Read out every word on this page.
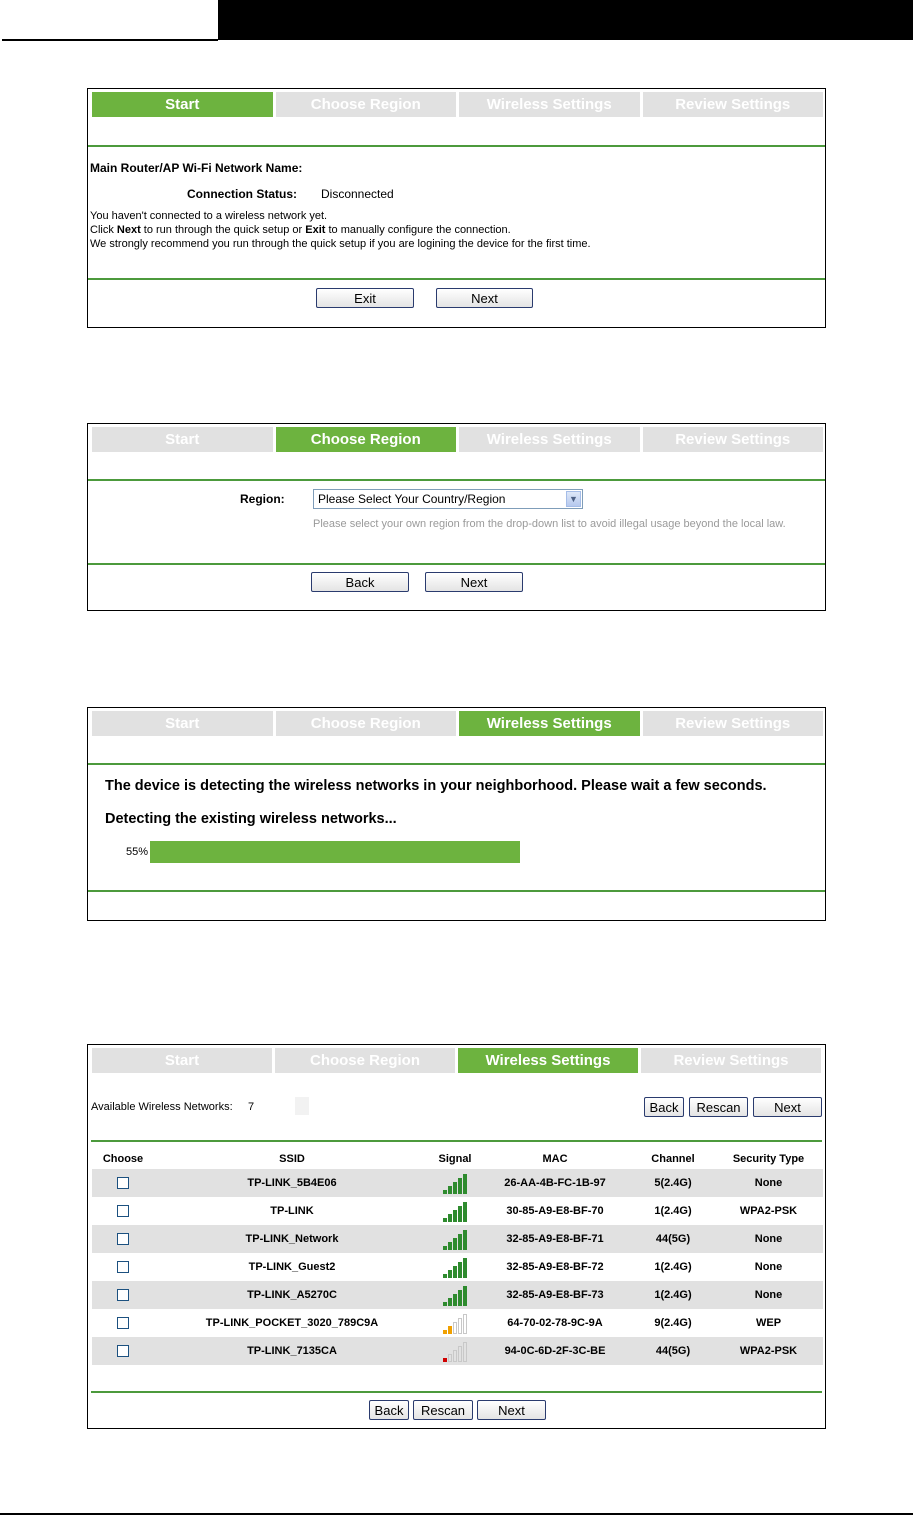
Start	Choose Region	Wireless Settings	Review Settings
Main Router/AP Wi-Fi Network Name:
Connection Status: Disconnected
You haven't connected to a wireless network yet.
Click Next to run through the quick setup or Exit to manually configure the connection.
We strongly recommend you run through the quick setup if you are logining the device for the first time.
Exit	Next
Start	Choose Region	Wireless Settings	Review Settings
Region:	Please Select Your Country/Region	▼
Please select your own region from the drop-down list to avoid illegal usage beyond the local law.
Back	Next
Start	Choose Region	Wireless Settings	Review Settings
The device is detecting the wireless networks in your neighborhood. Please wait a few seconds.
Detecting the existing wireless networks...
55%
Start	Choose Region	Wireless Settings	Review Settings
Available Wireless Networks: 7	Back	Rescan	Next
Choose	SSID	Signal	MAC	Channel	Security Type
TP-LINK_5B4E06	26-AA-4B-FC-1B-97	5 (2.4G)	None
TP-LINK	30-85-A9-E8-BF-70	1 (2.4G)	WPA2-PSK
TP-LINK_Network	32-85-A9-E8-BF-71	44 (5G)	None
TP-LINK_Guest2	32-85-A9-E8-BF-72	1 (2.4G)	None
TP-LINK_A5270C	32-85-A9-E8-BF-73	1 (2.4G)	None
TP-LINK_POCKET_3020_789C9A	64-70-02-78-9C-9A	9 (2.4G)	WEP
TP-LINK_7135CA	94-0C-6D-2F-3C-BE	44 (5G)	WPA2-PSK
Back	Rescan	Next
